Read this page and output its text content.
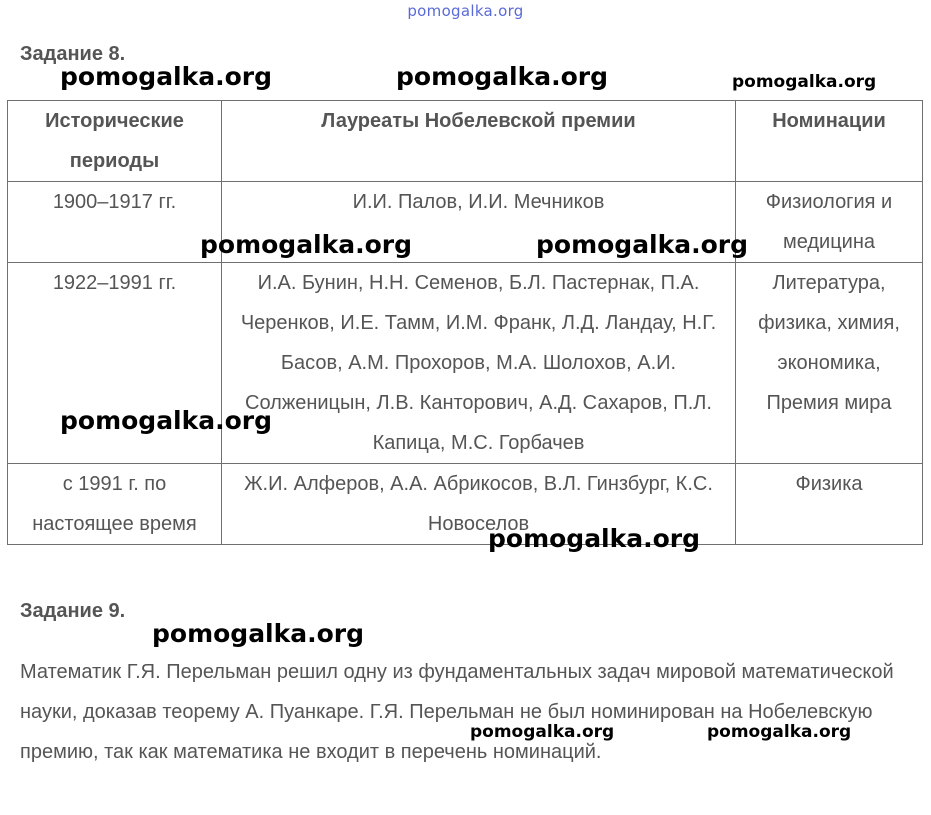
pomogalka.org
Задание 8.
Исторические периоды	Лауреаты Нобелевской премии	Номинации
1900–1917 гг.	И.И. Палов, И.И. Мечников	Физиология и медицина
1922–1991 гг.	И.А. Бунин, Н.Н. Семенов, Б.Л. Пастернак, П.А. Черенков, И.Е. Тамм, И.М. Франк, Л.Д. Ландау, Н.Г. Басов, А.М. Прохоров, М.А. Шолохов, А.И. Солженицын, Л.В. Канторович, А.Д. Сахаров, П.Л. Капица, М.С. Горбачев	Литература, физика, химия, экономика, Премия мира
с 1991 г. по настоящее время	Ж.И. Алферов, А.А. Абрикосов, В.Л. Гинзбург, К.С. Новоселов	Физика
Задание 9.
Математик Г.Я. Перельман решил одну из фундаментальных задач мировой математической науки, доказав теорему А. Пуанкаре. Г.Я. Перельман не был номинирован на Нобелевскую премию, так как математика не входит в перечень номинаций.
pomogalka.org	pomogalka.org	pomogalka.org
pomogalka.org	pomogalka.org
pomogalka.org
pomogalka.org
pomogalka.org
pomogalka.org	pomogalka.org
